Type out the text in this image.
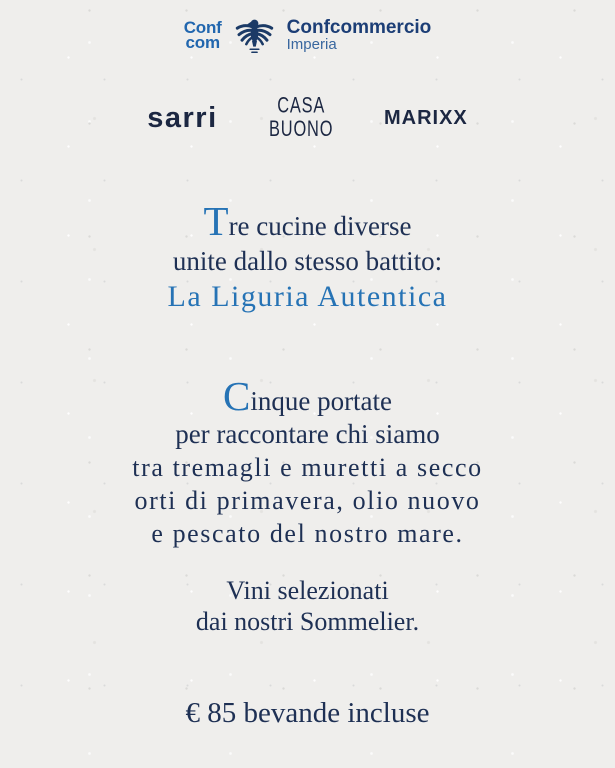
Conf
com
Confcommercio
Imperia
sarri	CASA
BUONO	MARIXX

Tre cucine diverse

unite dallo stesso battito:

La Liguria Autentica

Cinque portate

per raccontare chi siamo

tra tremagli e muretti a secco

orti di primavera, olio nuovo

e pescato del nostro mare.

Vini selezionati

dai nostri Sommelier.

€ 85 bevande incluse
